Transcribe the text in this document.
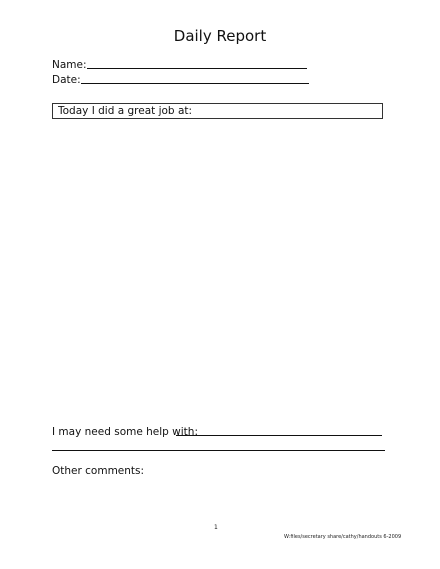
Daily Report
Name:
Date:
Today I did a great job at:
I may need some help with:
Other comments:
1
W:files/secretary share/cathy/handouts 6-2009
